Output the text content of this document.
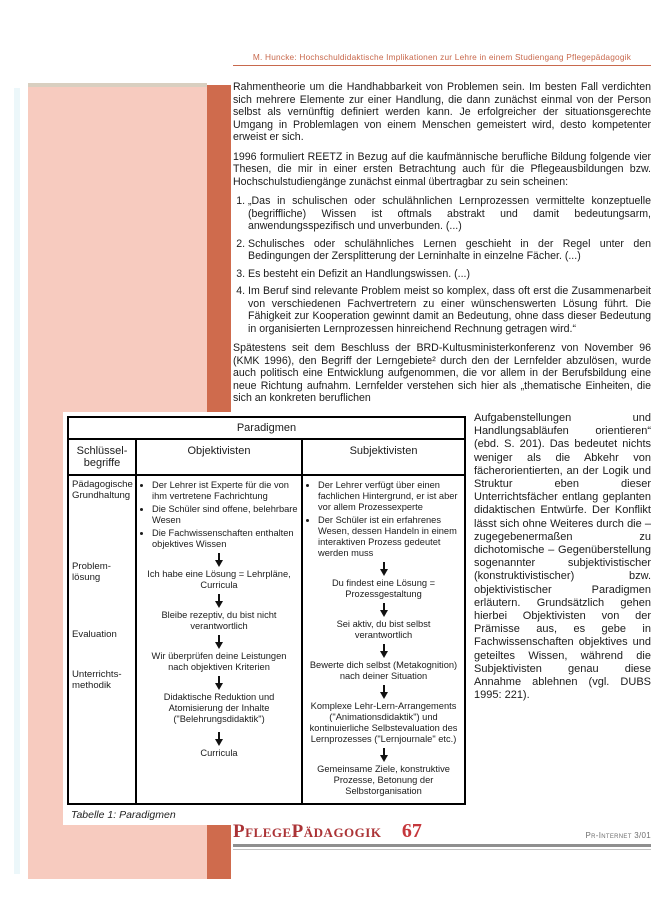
M. Huncke: Hochschuldidaktische Implikationen zur Lehre in einem Studiengang Pflegepädagogik

Rahmentheorie um die Handhabbarkeit von Problemen sein. Im besten Fall verdichten sich mehrere Elemente zur einer Handlung, die dann zunächst einmal von der Person selbst als vernünftig definiert werden kann. Je erfolgreicher der situationsgerechte Umgang in Problemlagen von einem Menschen gemeistert wird, desto kompetenter erweist er sich.

1996 formuliert REETZ in Bezug auf die kaufmännische berufliche Bildung folgende vier Thesen, die mir in einer ersten Betrachtung auch für die Pflegeausbildungen bzw. Hochschulstudiengänge zunächst einmal übertragbar zu sein scheinen:

1. „Das in schulischen oder schulähnlichen Lernprozessen vermittelte konzeptuelle (begriffliche) Wissen ist oftmals abstrakt und damit bedeutungsarm, anwendungsspezifisch und unverbunden. (...)
2. Schulisches oder schulähnliches Lernen geschieht in der Regel unter den Bedingungen der Zersplitterung der Lerninhalte in einzelne Fächer. (...)
3. Es besteht ein Defizit an Handlungswissen. (...)
4. Im Beruf sind relevante Problem meist so komplex, dass oft erst die Zusammenarbeit von verschiedenen Fachvertretern zu einer wünschenswerten Lösung führt. Die Fähigkeit zur Kooperation gewinnt damit an Bedeutung, ohne dass dieser Bedeutung in organisierten Lernprozessen hinreichend Rechnung getragen wird.“

Spätestens seit dem Beschluss der BRD-Kultusministerkonferenz von November 96 (KMK 1996), den Begriff der Lerngebiete² durch den der Lernfelder abzulösen, wurde auch politisch eine Entwicklung aufgenommen, die vor allem in der Berufsbildung eine neue Richtung aufnahm. Lernfelder verstehen sich hier als „thematische Einheiten, die sich an konkreten beruflichen

Paradigmen
Schlüssel- begriffe
Objektivisten	Subjektivisten
Pädagogische Grundhaltung
Problem- lösung
Evaluation
Unterrichts- methodik
• Der Lehrer ist Experte für die von ihm vertretene Fachrichtung
• Die Schüler sind offene, belehrbare Wesen
• Die Fachwissenschaften enthalten objektives Wissen
Ich habe eine Lösung = Lehrpläne, Curricula
Bleibe rezeptiv, du bist nicht verantwortlich
Wir überprüfen deine Leistungen nach objektiven Kriterien
Didaktische Reduktion und Atomisierung der Inhalte ("Belehrungsdidaktik")
Curricula
• Der Lehrer verfügt über einen fachlichen Hintergrund, er ist aber vor allem Prozessexperte
• Der Schüler ist ein erfahrenes Wesen, dessen Handeln in einem interaktiven Prozess gedeutet werden muss
Du findest eine Lösung = Prozessgestaltung
Sei aktiv, du bist selbst verantwortlich
Bewerte dich selbst (Metakognition) nach deiner Situation
Komplexe Lehr-Lern-Arrangements ("Animationsdidaktik") und kontinuierliche Selbstevaluation des Lernprozesses ("Lernjournale" etc.)
Gemeinsame Ziele, konstruktive Prozesse, Betonung der Selbstorganisation
Tabelle 1: Paradigmen
Aufgabenstellungen und Handlungsabläufen orientieren“ (ebd. S. 201). Das bedeutet nichts weniger als die Abkehr von fächerorientierten, an der Logik und Struktur eben dieser Unterrichtsfächer entlang geplanten didaktischen Entwürfe. Der Konflikt lässt sich ohne Weiteres durch die – zugegebenermaßen zu dichotomische – Gegenüberstellung sogenannter subjektivistischer (konstruktivistischer) bzw. objektivistischer Paradigmen erläutern. Grundsätzlich gehen hierbei Objektivisten von der Prämisse aus, es gebe in Fachwissenschaften objektives und geteiltes Wissen, während die Subjektivisten genau diese Annahme ablehnen (vgl. DUBS 1995: 221).
Pr-Internet 3/01
PflegePädagogik 67
